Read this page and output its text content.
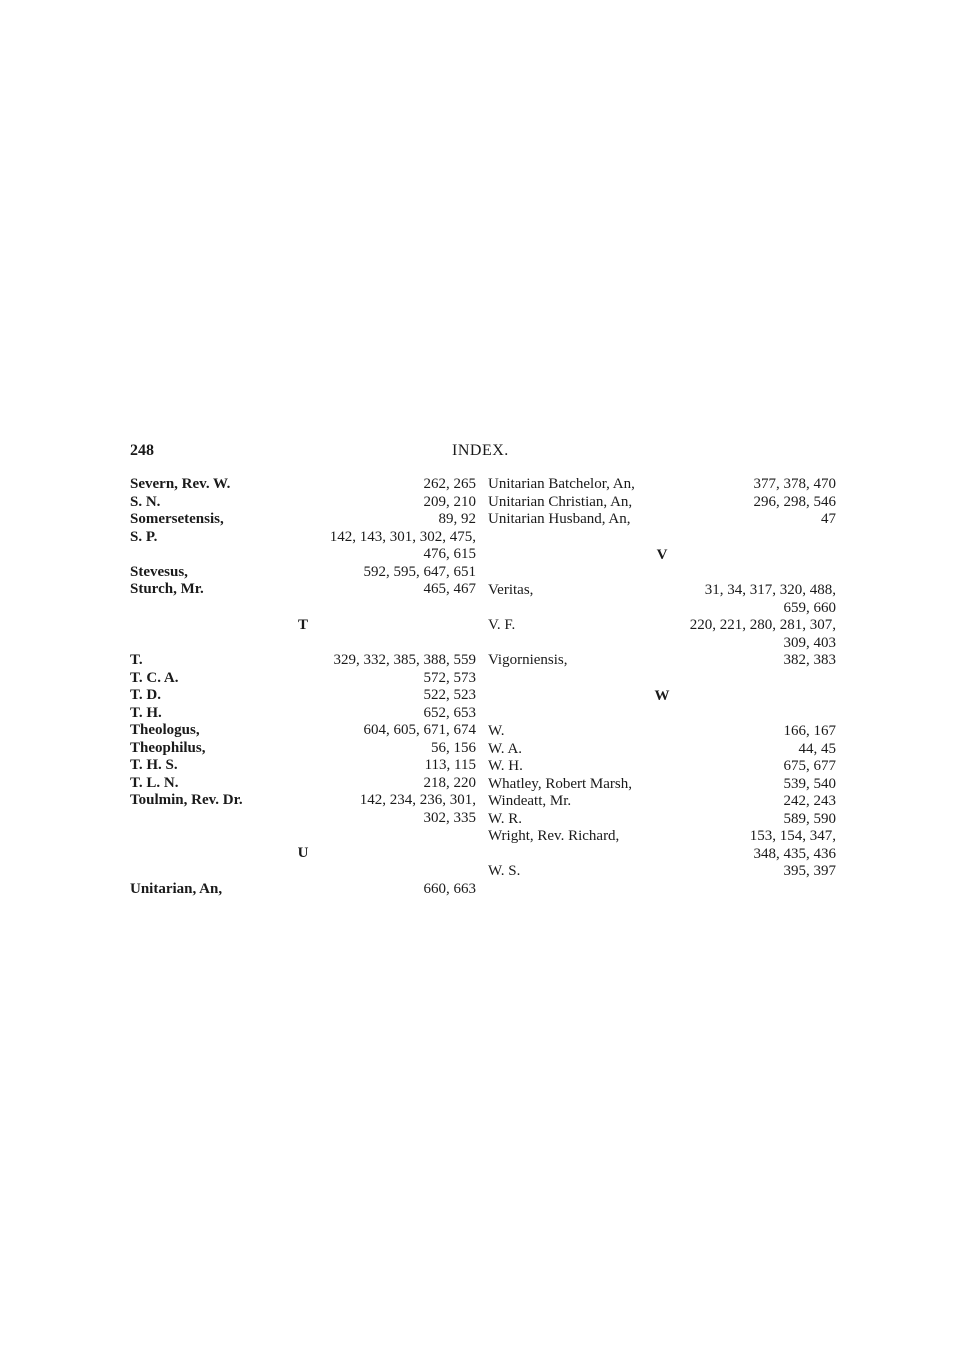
248	INDEX.
Severn, Rev. W.	262, 265
S. N.	209, 210
Somersetensis,	89, 92
S. P.	142, 143, 301, 302, 475,
476, 615
Stevesus,	592, 595, 647, 651
Sturch, Mr.	465, 467
T
T.	329, 332, 385, 388, 559
T. C. A.	572, 573
T. D.	522, 523
T. H.	652, 653
Theologus,	604, 605, 671, 674
Theophilus,	56, 156
T. H. S.	113, 115
T. L. N.	218, 220
Toulmin, Rev. Dr.	142, 234, 236, 301,
302, 335
U
Unitarian, An,	660, 663
Unitarian Batchelor, An,	377, 378, 470
Unitarian Christian, An,	296, 298, 546
Unitarian Husband, An,	47
V
Veritas,	31, 34, 317, 320, 488,
659, 660
V. F.	220, 221, 280, 281, 307,
309, 403
Vigorniensis,	382, 383
W
W.	166, 167
W. A.	44, 45
W. H.	675, 677
Whatley, Robert Marsh,	539, 540
Windeatt, Mr.	242, 243
W. R.	589, 590
Wright, Rev. Richard,	153, 154, 347,
348, 435, 436
W. S.	395, 397
